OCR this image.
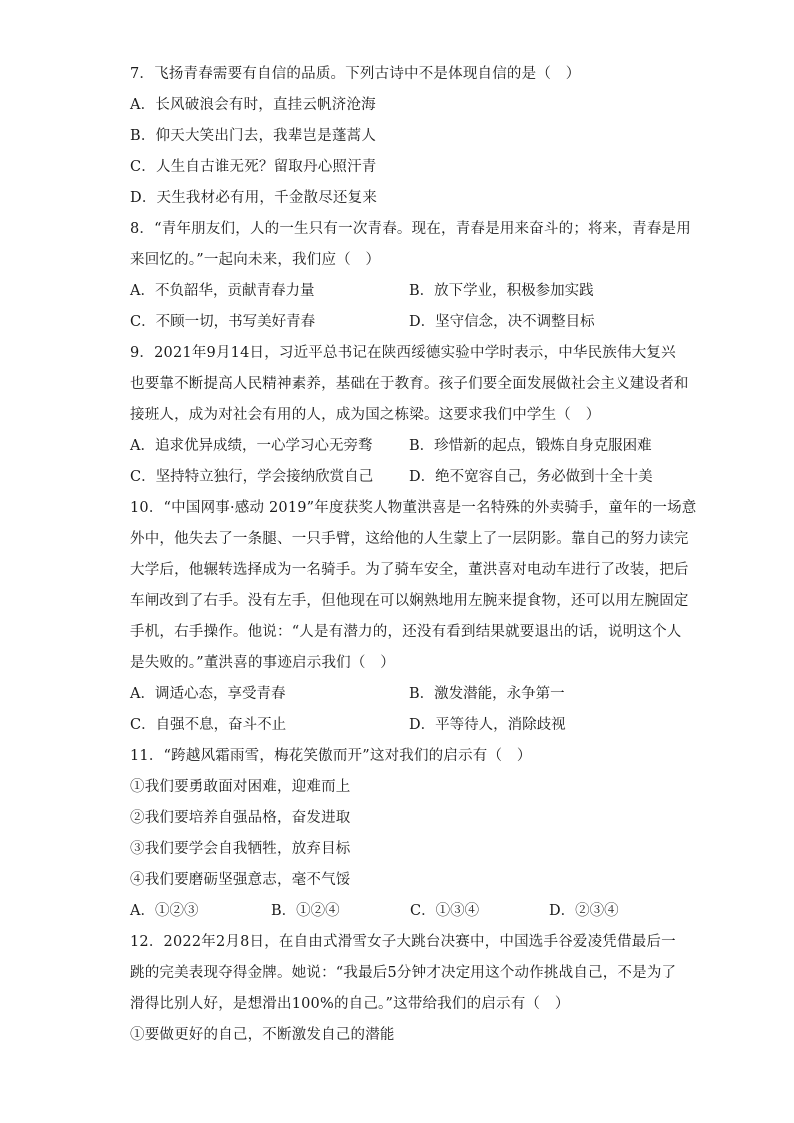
7．飞扬青春需要有自信的品质。下列古诗中不是体现自信的是（　）
A．长风破浪会有时，直挂云帆济沧海
B．仰天大笑出门去，我辈岂是蓬蒿人
C．人生自古谁无死？留取丹心照汗青
D．天生我材必有用，千金散尽还复来
8．“青年朋友们，人的一生只有一次青春。现在，青春是用来奋斗的；将来，青春是用
来回忆的。”一起向未来，我们应（　）
A．不负韶华，贡献青春力量	B．放下学业，积极参加实践
C．不顾一切，书写美好青春	D．坚守信念，决不调整目标
9．2021年9月14日，习近平总书记在陕西绥德实验中学时表示，中华民族伟大复兴
也要靠不断提高人民精神素养，基础在于教育。孩子们要全面发展做社会主义建设者和
接班人，成为对社会有用的人，成为国之栋梁。这要求我们中学生（　）
A．追求优异成绩，一心学习心无旁骛	B．珍惜新的起点，锻炼自身克服困难
C．坚持特立独行，学会接纳欣赏自己 D．绝不宽容自己，务必做到十全十美
10．“中国网事·感动 2019”年度获奖人物董洪喜是一名特殊的外卖骑手，童年的一场意
外中，他失去了一条腿、一只手臂，这给他的人生蒙上了一层阴影。靠自己的努力读完
大学后，他辗转选择成为一名骑手。为了骑车安全，董洪喜对电动车进行了改装，把后
车闸改到了右手。没有左手，但他现在可以娴熟地用左腕来提食物，还可以用左腕固定
手机，右手操作。他说：“人是有潜力的，还没有看到结果就要退出的话，说明这个人
是失败的。”董洪喜的事迹启示我们（　）
A．调适心态，享受青春	B．激发潜能，永争第一
C．自强不息，奋斗不止	D．平等待人，消除歧视
11．“跨越风霜雨雪，梅花笑傲而开”这对我们的启示有（　）
①我们要勇敢面对困难，迎难而上
②我们要培养自强品格，奋发进取
③我们要学会自我牺牲，放弃目标
④我们要磨砺坚强意志，毫不气馁
A．①②③	B．①②④	C．①③④	D．②③④
12．2022年2月8日，在自由式滑雪女子大跳台决赛中，中国选手谷爱凌凭借最后一
跳的完美表现夺得金牌。她说：“我最后5分钟才决定用这个动作挑战自己，不是为了
滑得比别人好，是想滑出100%的自己。”这带给我们的启示有（　）
①要做更好的自己，不断激发自己的潜能
